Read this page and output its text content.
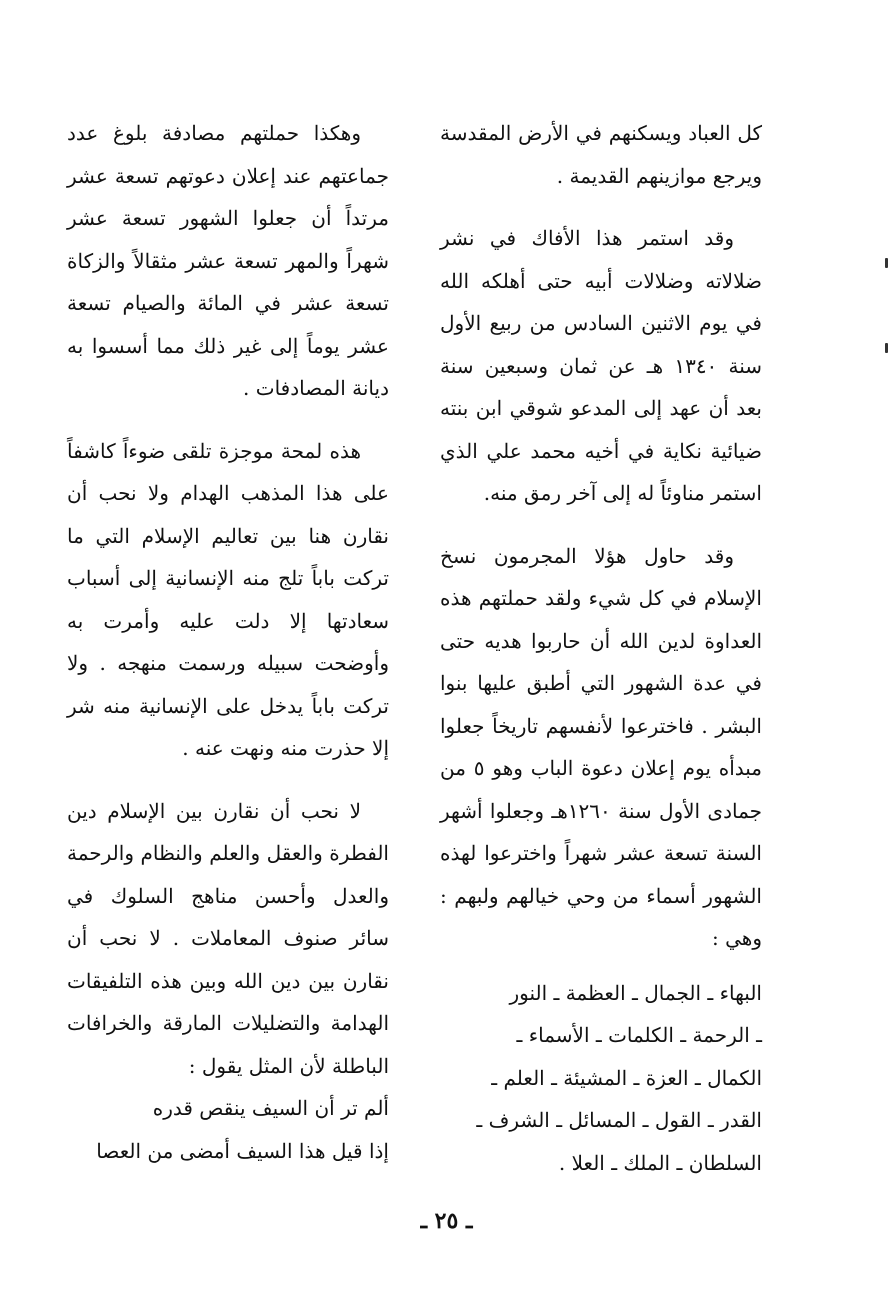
كل العباد ويسكنهم في الأرض المقدسة ويرجع موازينهم القديمة .

وقد استمر هذا الأفاك في نشر ضلالاته وضلالات أبيه حتى أهلكه الله في يوم الاثنين السادس من ربيع الأول سنة ١٣٤٠ هـ عن ثمان وسبعين سنة بعد أن عهد إلى المدعو شوقي ابن بنته ضيائية نكاية في أخيه محمد علي الذي استمر مناوئاً له إلى آخر رمق منه.

وقد حاول هؤلا المجرمون نسخ الإسلام في كل شيء ولقد حملتهم هذه العداوة لدين الله أن حاربوا هديه حتى في عدة الشهور التي أطبق عليها بنوا البشر . فاخترعوا لأنفسهم تاريخاً جعلوا مبدأه يوم إعلان دعوة الباب وهو ٥ من جمادى الأول سنة ١٢٦٠هـ وجعلوا أشهر السنة تسعة عشر شهراً واخترعوا لهذه الشهور أسماء من وحي خيالهم ولبهم : وهي :

البهاء ـ الجمال ـ العظمة ـ النور

ـ الرحمة ـ الكلمات ـ الأسماء ـ

الكمال ـ العزة ـ المشيئة ـ العلم ـ

القدر ـ القول ـ المسائل ـ الشرف ـ

السلطان ـ الملك ـ العلا .

وهكذا حملتهم مصادفة بلوغ عدد جماعتهم عند إعلان دعوتهم تسعة عشر مرتداً أن جعلوا الشهور تسعة عشر شهراً والمهر تسعة عشر مثقالاً والزكاة تسعة عشر في المائة والصيام تسعة عشر يوماً إلى غير ذلك مما أسسوا به ديانة المصادفات .

هذه لمحة موجزة تلقى ضوءاً كاشفاً على هذا المذهب الهدام ولا نحب أن نقارن هنا بين تعاليم الإسلام التي ما تركت باباً تلج منه الإنسانية إلى أسباب سعادتها إلا دلت عليه وأمرت به وأوضحت سبيله ورسمت منهجه . ولا تركت باباً يدخل على الإنسانية منه شر إلا حذرت منه ونهت عنه .

لا نحب أن نقارن بين الإسلام دين الفطرة والعقل والعلم والنظام والرحمة والعدل وأحسن مناهج السلوك في سائر صنوف المعاملات . لا نحب أن نقارن بين دين الله وبين هذه التلفيقات الهدامة والتضليلات المارقة والخرافات الباطلة لأن المثل يقول :

ألم تر أن السيف ينقص قدره

إذا قيل هذا السيف أمضى من العصا

ـ ٢٥ ـ
